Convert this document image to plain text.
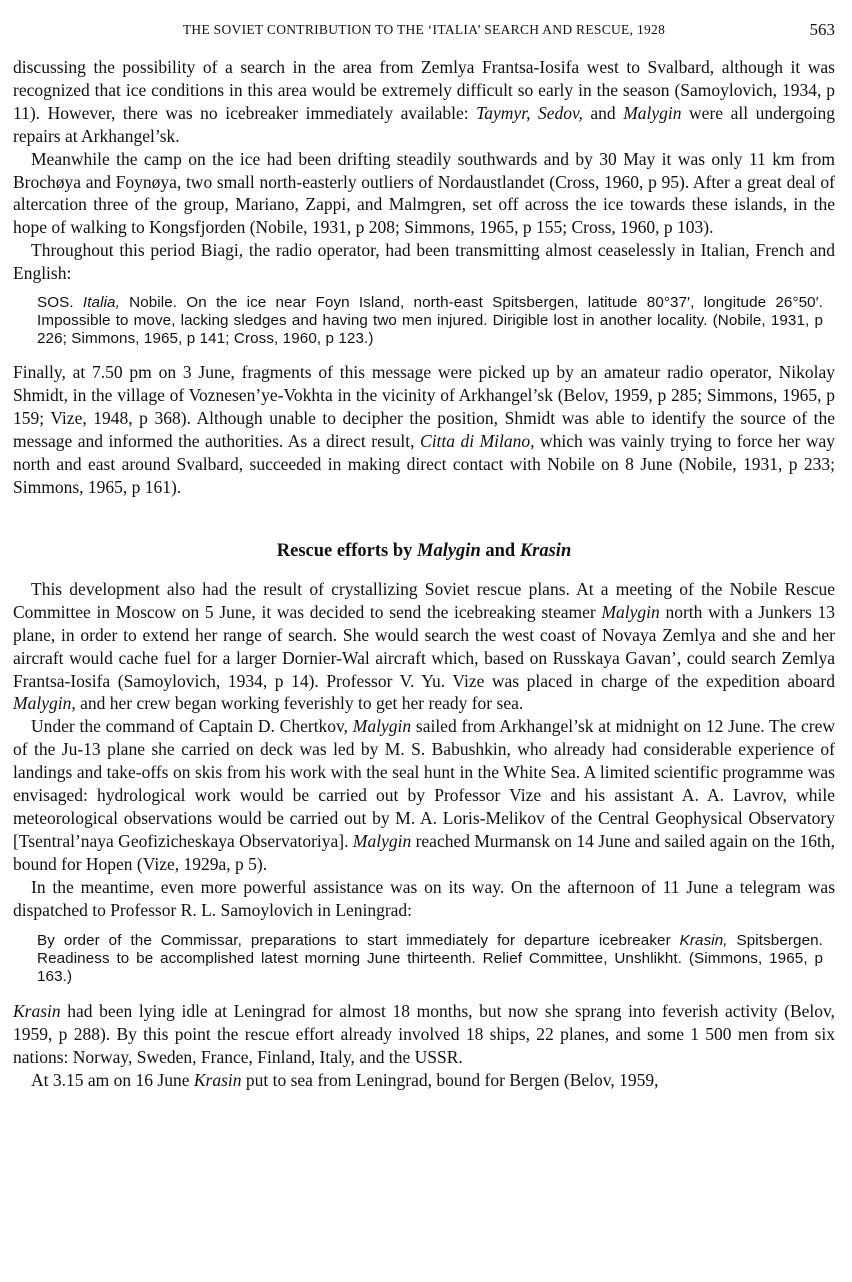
THE SOVIET CONTRIBUTION TO THE ‘ITALIA’ SEARCH AND RESCUE, 1928	563

discussing the possibility of a search in the area from Zemlya Frantsa-Iosifa west to Svalbard, although it was recognized that ice conditions in this area would be extremely difficult so early in the season (Samoylovich, 1934, p 11). However, there was no icebreaker immediately available: Taymyr, Sedov, and Malygin were all undergoing repairs at Arkhangel’sk.

Meanwhile the camp on the ice had been drifting steadily southwards and by 30 May it was only 11 km from Brochøya and Foynøya, two small north-easterly outliers of Nordaustlandet (Cross, 1960, p 95). After a great deal of altercation three of the group, Mariano, Zappi, and Malmgren, set off across the ice towards these islands, in the hope of walking to Kongsfjorden (Nobile, 1931, p 208; Simmons, 1965, p 155; Cross, 1960, p 103).

Throughout this period Biagi, the radio operator, had been transmitting almost ceaselessly in Italian, French and English:

SOS. Italia, Nobile. On the ice near Foyn Island, north-east Spitsbergen, latitude 80°37′, longitude 26°50′. Impossible to move, lacking sledges and having two men injured. Dirigible lost in another locality. (Nobile, 1931, p 226; Simmons, 1965, p 141; Cross, 1960, p 123.)

Finally, at 7.50 pm on 3 June, fragments of this message were picked up by an amateur radio operator, Nikolay Shmidt, in the village of Voznesen’ye-Vokhta in the vicinity of Arkhangel’sk (Belov, 1959, p 285; Simmons, 1965, p 159; Vize, 1948, p 368). Although unable to decipher the position, Shmidt was able to identify the source of the message and informed the authorities. As a direct result, Citta di Milano, which was vainly trying to force her way north and east around Svalbard, succeeded in making direct contact with Nobile on 8 June (Nobile, 1931, p 233; Simmons, 1965, p 161).

Rescue efforts by Malygin and Krasin

This development also had the result of crystallizing Soviet rescue plans. At a meeting of the Nobile Rescue Committee in Moscow on 5 June, it was decided to send the icebreaking steamer Malygin north with a Junkers 13 plane, in order to extend her range of search. She would search the west coast of Novaya Zemlya and she and her aircraft would cache fuel for a larger Dornier-Wal aircraft which, based on Russkaya Gavan’, could search Zemlya Frantsa-Iosifa (Samoylovich, 1934, p 14). Professor V. Yu. Vize was placed in charge of the expedition aboard Malygin, and her crew began working feverishly to get her ready for sea.

Under the command of Captain D. Chertkov, Malygin sailed from Arkhangel’sk at midnight on 12 June. The crew of the Ju-13 plane she carried on deck was led by M. S. Babushkin, who already had considerable experience of landings and take-offs on skis from his work with the seal hunt in the White Sea. A limited scientific programme was envisaged: hydrological work would be carried out by Professor Vize and his assistant A. A. Lavrov, while meteorological observations would be carried out by M. A. Loris-Melikov of the Central Geophysical Observatory [Tsentral’naya Geofizicheskaya Observatoriya]. Malygin reached Murmansk on 14 June and sailed again on the 16th, bound for Hopen (Vize, 1929a, p 5).

In the meantime, even more powerful assistance was on its way. On the afternoon of 11 June a telegram was dispatched to Professor R. L. Samoylovich in Leningrad:

By order of the Commissar, preparations to start immediately for departure icebreaker Krasin, Spitsbergen. Readiness to be accomplished latest morning June thirteenth. Relief Committee, Unshlikht. (Simmons, 1965, p 163.)

Krasin had been lying idle at Leningrad for almost 18 months, but now she sprang into feverish activity (Belov, 1959, p 288). By this point the rescue effort already involved 18 ships, 22 planes, and some 1 500 men from six nations: Norway, Sweden, France, Finland, Italy, and the USSR.

At 3.15 am on 16 June Krasin put to sea from Leningrad, bound for Bergen (Belov, 1959,
